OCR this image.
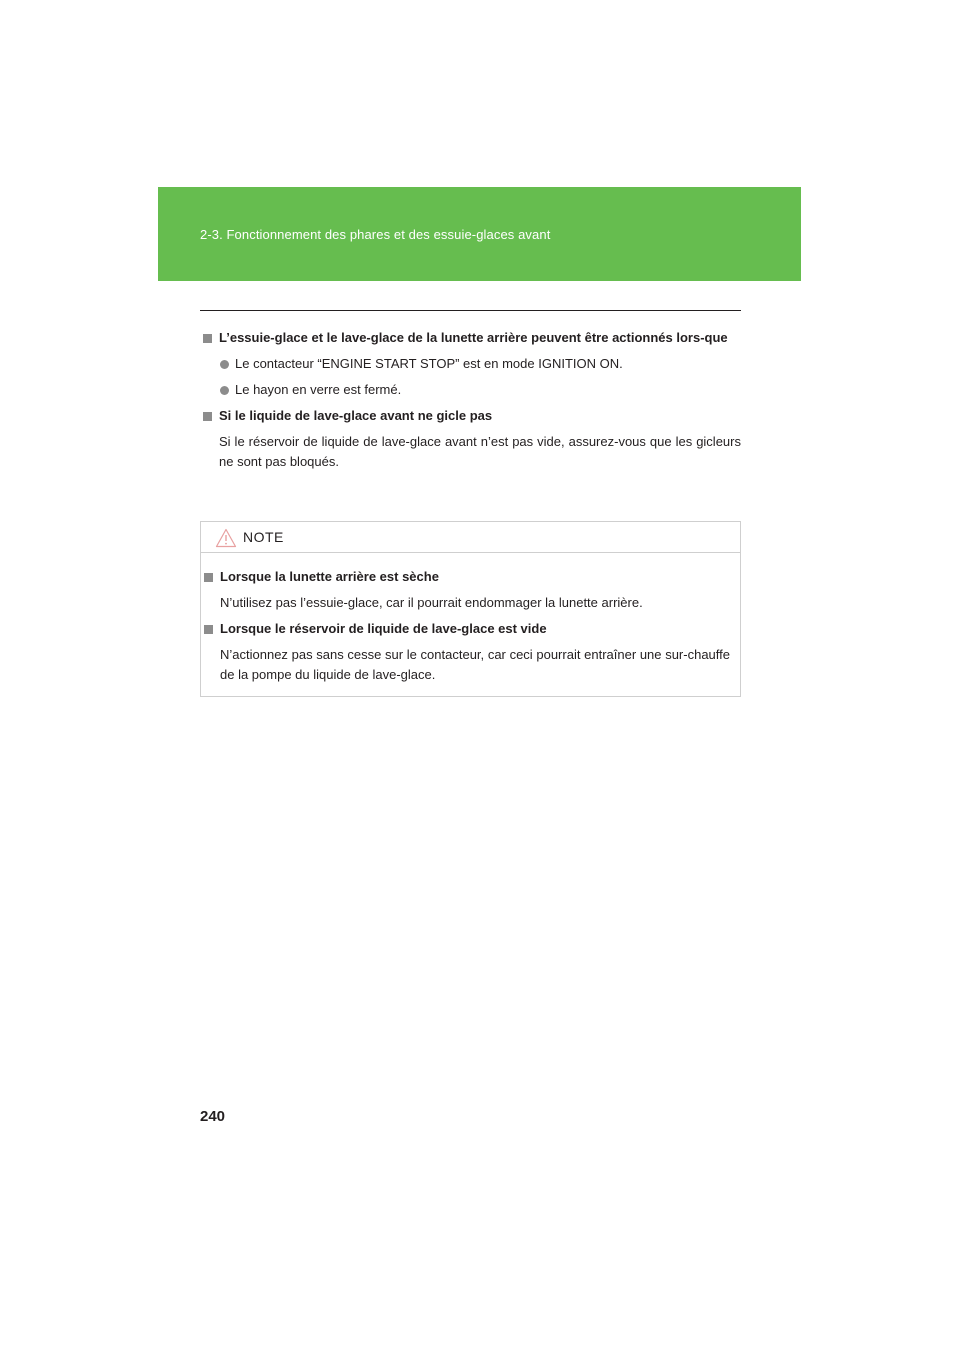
2-3. Fonctionnement des phares et des essuie-glaces avant

L’essuie-glace et le lave-glace de la lunette arrière peuvent être actionnés lors-que

Le contacteur “ENGINE START STOP” est en mode IGNITION ON.

Le hayon en verre est fermé.

Si le liquide de lave-glace avant ne gicle pas

Si le réservoir de liquide de lave-glace avant n’est pas vide, assurez-vous que les gicleurs ne sont pas bloqués.

NOTE

Lorsque la lunette arrière est sèche

N’utilisez pas l’essuie-glace, car il pourrait endommager la lunette arrière.

Lorsque le réservoir de liquide de lave-glace est vide

N’actionnez pas sans cesse sur le contacteur, car ceci pourrait entraîner une sur-chauffe de la pompe du liquide de lave-glace.

240
